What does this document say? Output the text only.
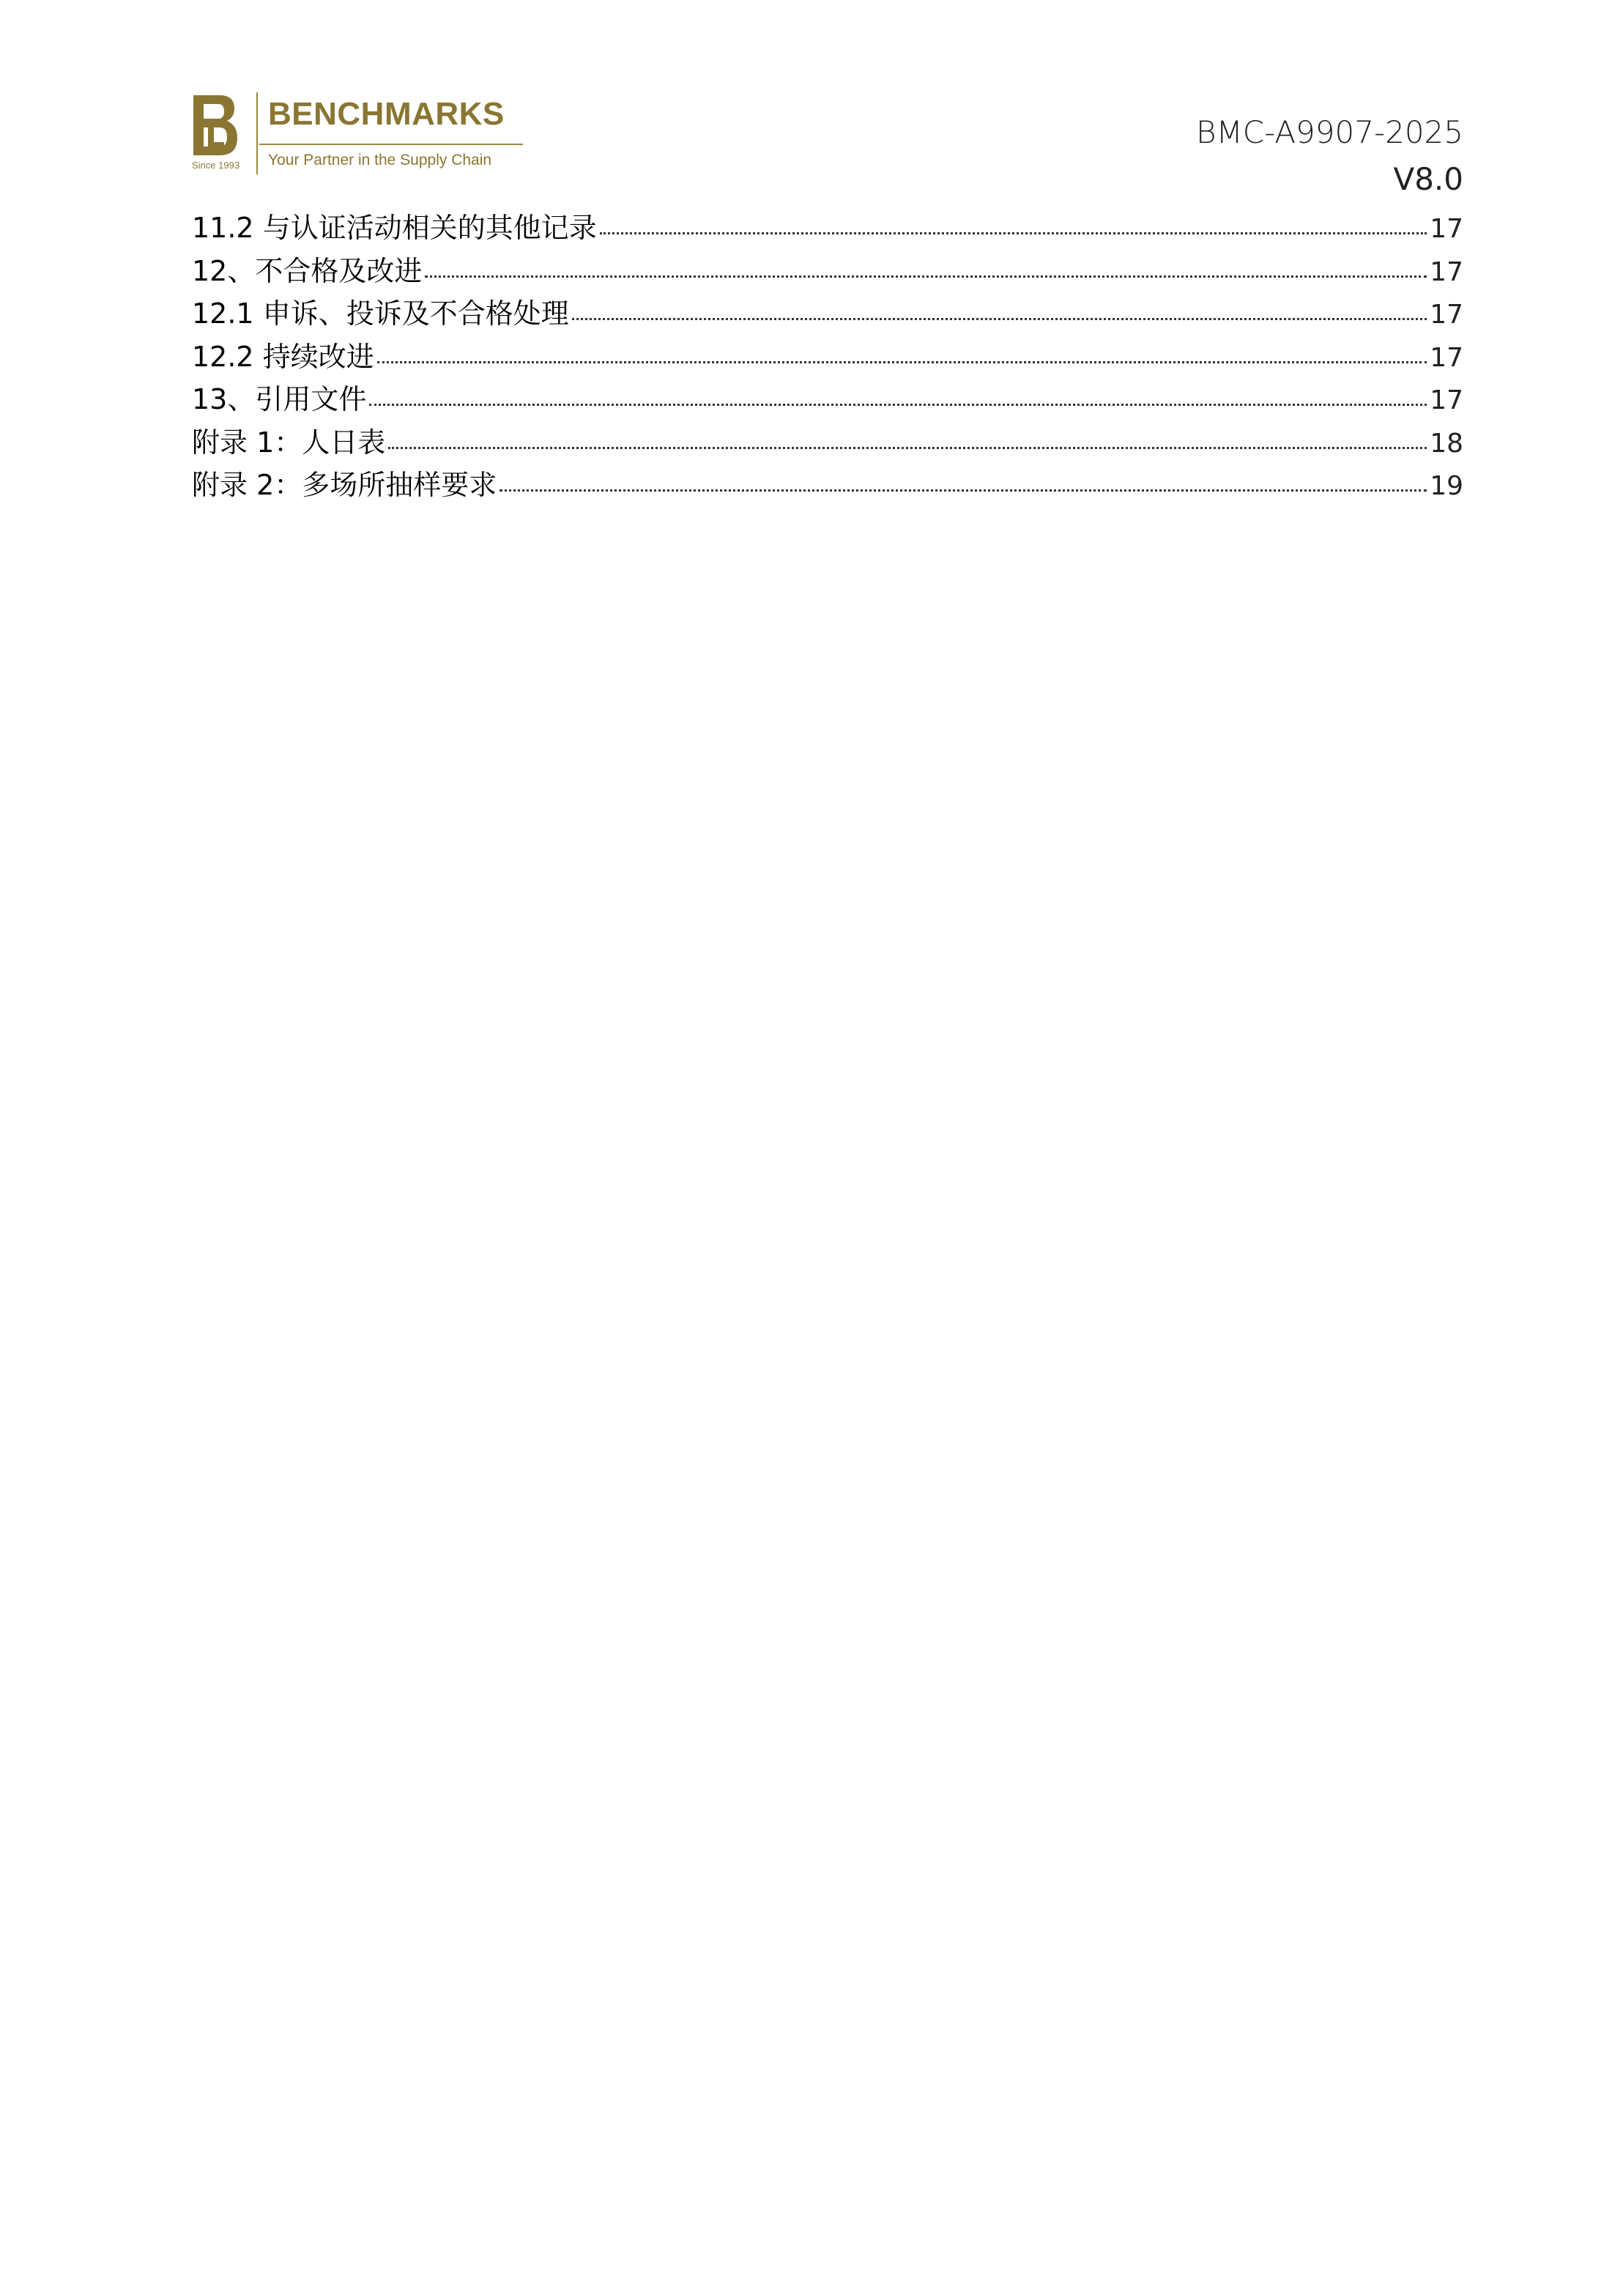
Since 1993
BENCHMARKS
Your Partner in the Supply Chain
BMC-A9907-2025
V8.0
11.2 与认证活动相关的其他记录	17
12、不合格及改进	17
12.1 申诉、投诉及不合格处理	17
12.2 持续改进	17
13、引用文件	17
附录 1：人日表	18
附录 2：多场所抽样要求	19
